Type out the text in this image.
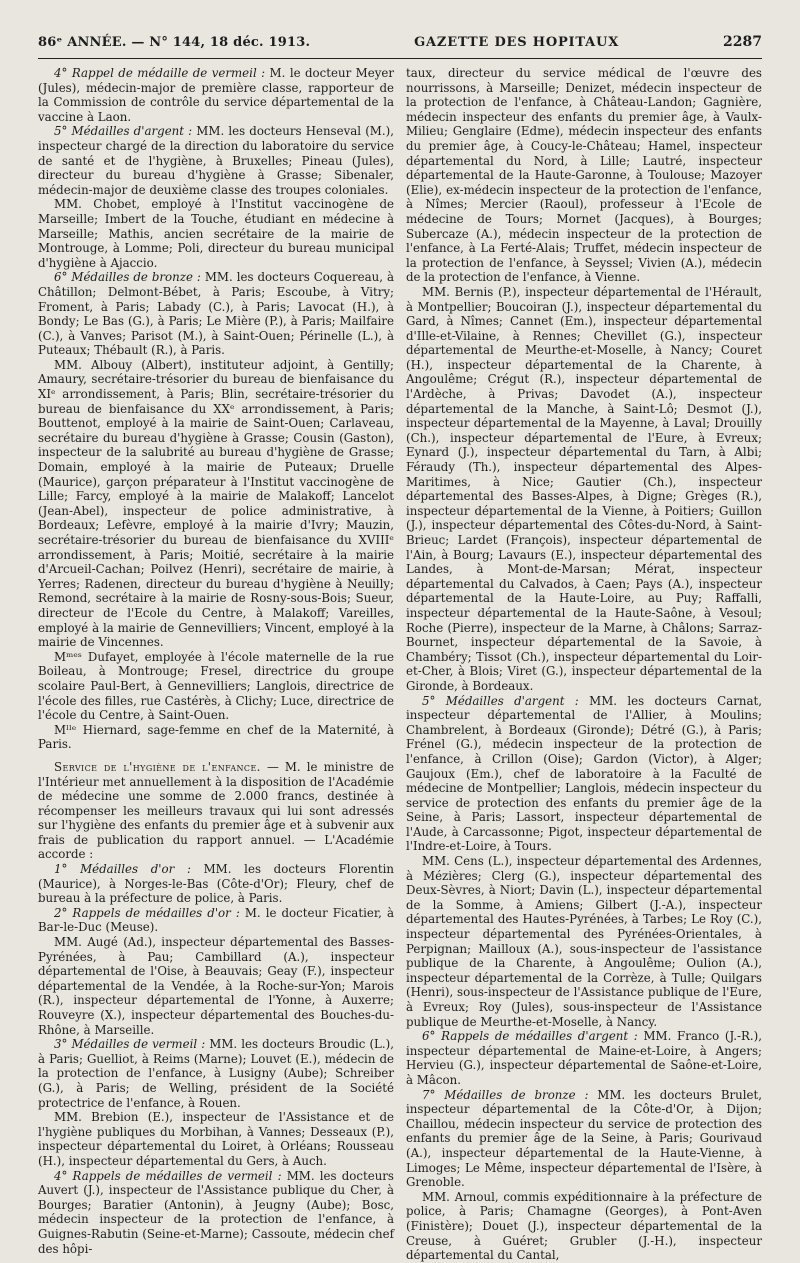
86ᵉ ANNÉE. — N° 144, 18 déc. 1913.	GAZETTE DES HOPITAUX	2287

4° Rappel de médaille de vermeil : M. le docteur Meyer (Jules), médecin-major de première classe, rapporteur de la Commission de contrôle du service départemental de la vaccine à Laon.

5° Médailles d'argent : MM. les docteurs Henseval (M.), inspecteur chargé de la direction du laboratoire du service de santé et de l'hygiène, à Bruxelles; Pineau (Jules), directeur du bureau d'hygiène à Grasse; Sibenaler, médecin-major de deuxième classe des troupes coloniales.

MM. Chobet, employé à l'Institut vaccinogène de Marseille; Imbert de la Touche, étudiant en médecine à Marseille; Mathis, ancien secrétaire de la mairie de Montrouge, à Lomme; Poli, directeur du bureau municipal d'hygiène à Ajaccio.

6° Médailles de bronze : MM. les docteurs Coquereau, à Châtillon; Delmont-Bébet, à Paris; Escoube, à Vitry; Froment, à Paris; Labady (C.), à Paris; Lavocat (H.), à Bondy; Le Bas (G.), à Paris; Le Mière (P.), à Paris; Mailfaire (C.), à Vanves; Parisot (M.), à Saint-Ouen; Périnelle (L.), à Puteaux; Thébault (R.), à Paris.

MM. Albouy (Albert), instituteur adjoint, à Gentilly; Amaury, secrétaire-trésorier du bureau de bienfaisance du XIᵉ arrondissement, à Paris; Blin, secrétaire-trésorier du bureau de bienfaisance du XXᵉ arrondissement, à Paris; Bouttenot, employé à la mairie de Saint-Ouen; Carlaveau, secrétaire du bureau d'hygiène à Grasse; Cousin (Gaston), inspecteur de la salubrité au bureau d'hygiène de Grasse; Domain, employé à la mairie de Puteaux; Druelle (Maurice), garçon préparateur à l'Institut vaccinogène de Lille; Farcy, employé à la mairie de Malakoff; Lancelot (Jean-Abel), inspecteur de police administrative, à Bordeaux; Lefèvre, employé à la mairie d'Ivry; Mauzin, secrétaire-trésorier du bureau de bienfaisance du XVIIIᵉ arrondissement, à Paris; Moitié, secrétaire à la mairie d'Arcueil-Cachan; Poilvez (Henri), secrétaire de mairie, à Yerres; Radenen, directeur du bureau d'hygiène à Neuilly; Remond, secrétaire à la mairie de Rosny-sous-Bois; Sueur, directeur de l'Ecole du Centre, à Malakoff; Vareilles, employé à la mairie de Gennevilliers; Vincent, employé à la mairie de Vincennes.

Mᵐᵉˢ Dufayet, employée à l'école maternelle de la rue Boileau, à Montrouge; Fresel, directrice du groupe scolaire Paul-Bert, à Gennevilliers; Langlois, directrice de l'école des filles, rue Castérès, à Clichy; Luce, directrice de l'école du Centre, à Saint-Ouen.

Mˡˡᵉ Hiernard, sage-femme en chef de la Maternité, à Paris.

Service de l'hygiène de l'enfance. — M. le ministre de l'Intérieur met annuellement à la disposition de l'Académie de médecine une somme de 2.000 francs, destinée à récompenser les meilleurs travaux qui lui sont adressés sur l'hygiène des enfants du premier âge et à subvenir aux frais de publication du rapport annuel. — L'Académie accorde :

1° Médailles d'or : MM. les docteurs Florentin (Maurice), à Norges-le-Bas (Côte-d'Or); Fleury, chef de bureau à la préfecture de police, à Paris.

2° Rappels de médailles d'or : M. le docteur Ficatier, à Bar-le-Duc (Meuse).

MM. Augé (Ad.), inspecteur départemental des Basses-Pyrénées, à Pau; Cambillard (A.), inspecteur départemental de l'Oise, à Beauvais; Geay (F.), inspecteur départemental de la Vendée, à la Roche-sur-Yon; Marois (R.), inspecteur départemental de l'Yonne, à Auxerre; Rouveyre (X.), inspecteur départemental des Bouches-du-Rhône, à Marseille.

3° Médailles de vermeil : MM. les docteurs Broudic (L.), à Paris; Guelliot, à Reims (Marne); Louvet (E.), médecin de la protection de l'enfance, à Lusigny (Aube); Schreiber (G.), à Paris; de Welling, président de la Société protectrice de l'enfance, à Rouen.

MM. Brebion (E.), inspecteur de l'Assistance et de l'hygiène publiques du Morbihan, à Vannes; Desseaux (P.), inspecteur départemental du Loiret, à Orléans; Rousseau (H.), inspecteur départemental du Gers, à Auch.

4° Rappels de médailles de vermeil : MM. les docteurs Auvert (J.), inspecteur de l'Assistance publique du Cher, à Bourges; Baratier (Antonin), à Jeugny (Aube); Bosc, médecin inspecteur de la protection de l'enfance, à Guignes-Rabutin (Seine-et-Marne); Cassoute, médecin chef des hôpi-

taux, directeur du service médical de l'œuvre des nourrissons, à Marseille; Denizet, médecin inspecteur de la protection de l'enfance, à Château-Landon; Gagnière, médecin inspecteur des enfants du premier âge, à Vaulx-Milieu; Genglaire (Edme), médecin inspecteur des enfants du premier âge, à Coucy-le-Château; Hamel, inspecteur départemental du Nord, à Lille; Lautré, inspecteur départemental de la Haute-Garonne, à Toulouse; Mazoyer (Elie), ex-médecin inspecteur de la protection de l'enfance, à Nîmes; Mercier (Raoul), professeur à l'Ecole de médecine de Tours; Mornet (Jacques), à Bourges; Subercaze (A.), médecin inspecteur de la protection de l'enfance, à La Ferté-Alais; Truffet, médecin inspecteur de la protection de l'enfance, à Seyssel; Vivien (A.), médecin de la protection de l'enfance, à Vienne.

MM. Bernis (P.), inspecteur départemental de l'Hérault, à Montpellier; Boucoiran (J.), inspecteur départemental du Gard, à Nîmes; Cannet (Em.), inspecteur départemental d'Ille-et-Vilaine, à Rennes; Chevillet (G.), inspecteur départemental de Meurthe-et-Moselle, à Nancy; Couret (H.), inspecteur départemental de la Charente, à Angoulême; Crégut (R.), inspecteur départemental de l'Ardèche, à Privas; Davodet (A.), inspecteur départemental de la Manche, à Saint-Lô; Desmot (J.), inspecteur départemental de la Mayenne, à Laval; Drouilly (Ch.), inspecteur départemental de l'Eure, à Evreux; Eynard (J.), inspecteur départemental du Tarn, à Albi; Féraudy (Th.), inspecteur départemental des Alpes-Maritimes, à Nice; Gautier (Ch.), inspecteur départemental des Basses-Alpes, à Digne; Grèges (R.), inspecteur départemental de la Vienne, à Poitiers; Guillon (J.), inspecteur départemental des Côtes-du-Nord, à Saint-Brieuc; Lardet (François), inspecteur départemental de l'Ain, à Bourg; Lavaurs (E.), inspecteur départemental des Landes, à Mont-de-Marsan; Mérat, inspecteur départemental du Calvados, à Caen; Pays (A.), inspecteur départemental de la Haute-Loire, au Puy; Raffalli, inspecteur départemental de la Haute-Saône, à Vesoul; Roche (Pierre), inspecteur de la Marne, à Châlons; Sarraz-Bournet, inspecteur départemental de la Savoie, à Chambéry; Tissot (Ch.), inspecteur départemental du Loir-et-Cher, à Blois; Viret (G.), inspecteur départemental de la Gironde, à Bordeaux.

5° Médailles d'argent : MM. les docteurs Carnat, inspecteur départemental de l'Allier, à Moulins; Chambrelent, à Bordeaux (Gironde); Détré (G.), à Paris; Frénel (G.), médecin inspecteur de la protection de l'enfance, à Crillon (Oise); Gardon (Victor), à Alger; Gaujoux (Em.), chef de laboratoire à la Faculté de médecine de Montpellier; Langlois, médecin inspecteur du service de protection des enfants du premier âge de la Seine, à Paris; Lassort, inspecteur départemental de l'Aude, à Carcassonne; Pigot, inspecteur départemental de l'Indre-et-Loire, à Tours.

MM. Cens (L.), inspecteur départemental des Ardennes, à Mézières; Clerg (G.), inspecteur départemental des Deux-Sèvres, à Niort; Davin (L.), inspecteur départemental de la Somme, à Amiens; Gilbert (J.-A.), inspecteur départemental des Hautes-Pyrénées, à Tarbes; Le Roy (C.), inspecteur départemental des Pyrénées-Orientales, à Perpignan; Mailloux (A.), sous-inspecteur de l'assistance publique de la Charente, à Angoulême; Oulion (A.), inspecteur départemental de la Corrèze, à Tulle; Quilgars (Henri), sous-inspecteur de l'Assistance publique de l'Eure, à Evreux; Roy (Jules), sous-inspecteur de l'Assistance publique de Meurthe-et-Moselle, à Nancy.

6° Rappels de médailles d'argent : MM. Franco (J.-R.), inspecteur départemental de Maine-et-Loire, à Angers; Hervieu (G.), inspecteur départemental de Saône-et-Loire, à Mâcon.

7° Médailles de bronze : MM. les docteurs Brulet, inspecteur départemental de la Côte-d'Or, à Dijon; Chaillou, médecin inspecteur du service de protection des enfants du premier âge de la Seine, à Paris; Gourivaud (A.), inspecteur départemental de la Haute-Vienne, à Limoges; Le Même, inspecteur départemental de l'Isère, à Grenoble.

MM. Arnoul, commis expéditionnaire à la préfecture de police, à Paris; Chamagne (Georges), à Pont-Aven (Finistère); Douet (J.), inspecteur départemental de la Creuse, à Guéret; Grubler (J.-H.), inspecteur départemental du Cantal,
